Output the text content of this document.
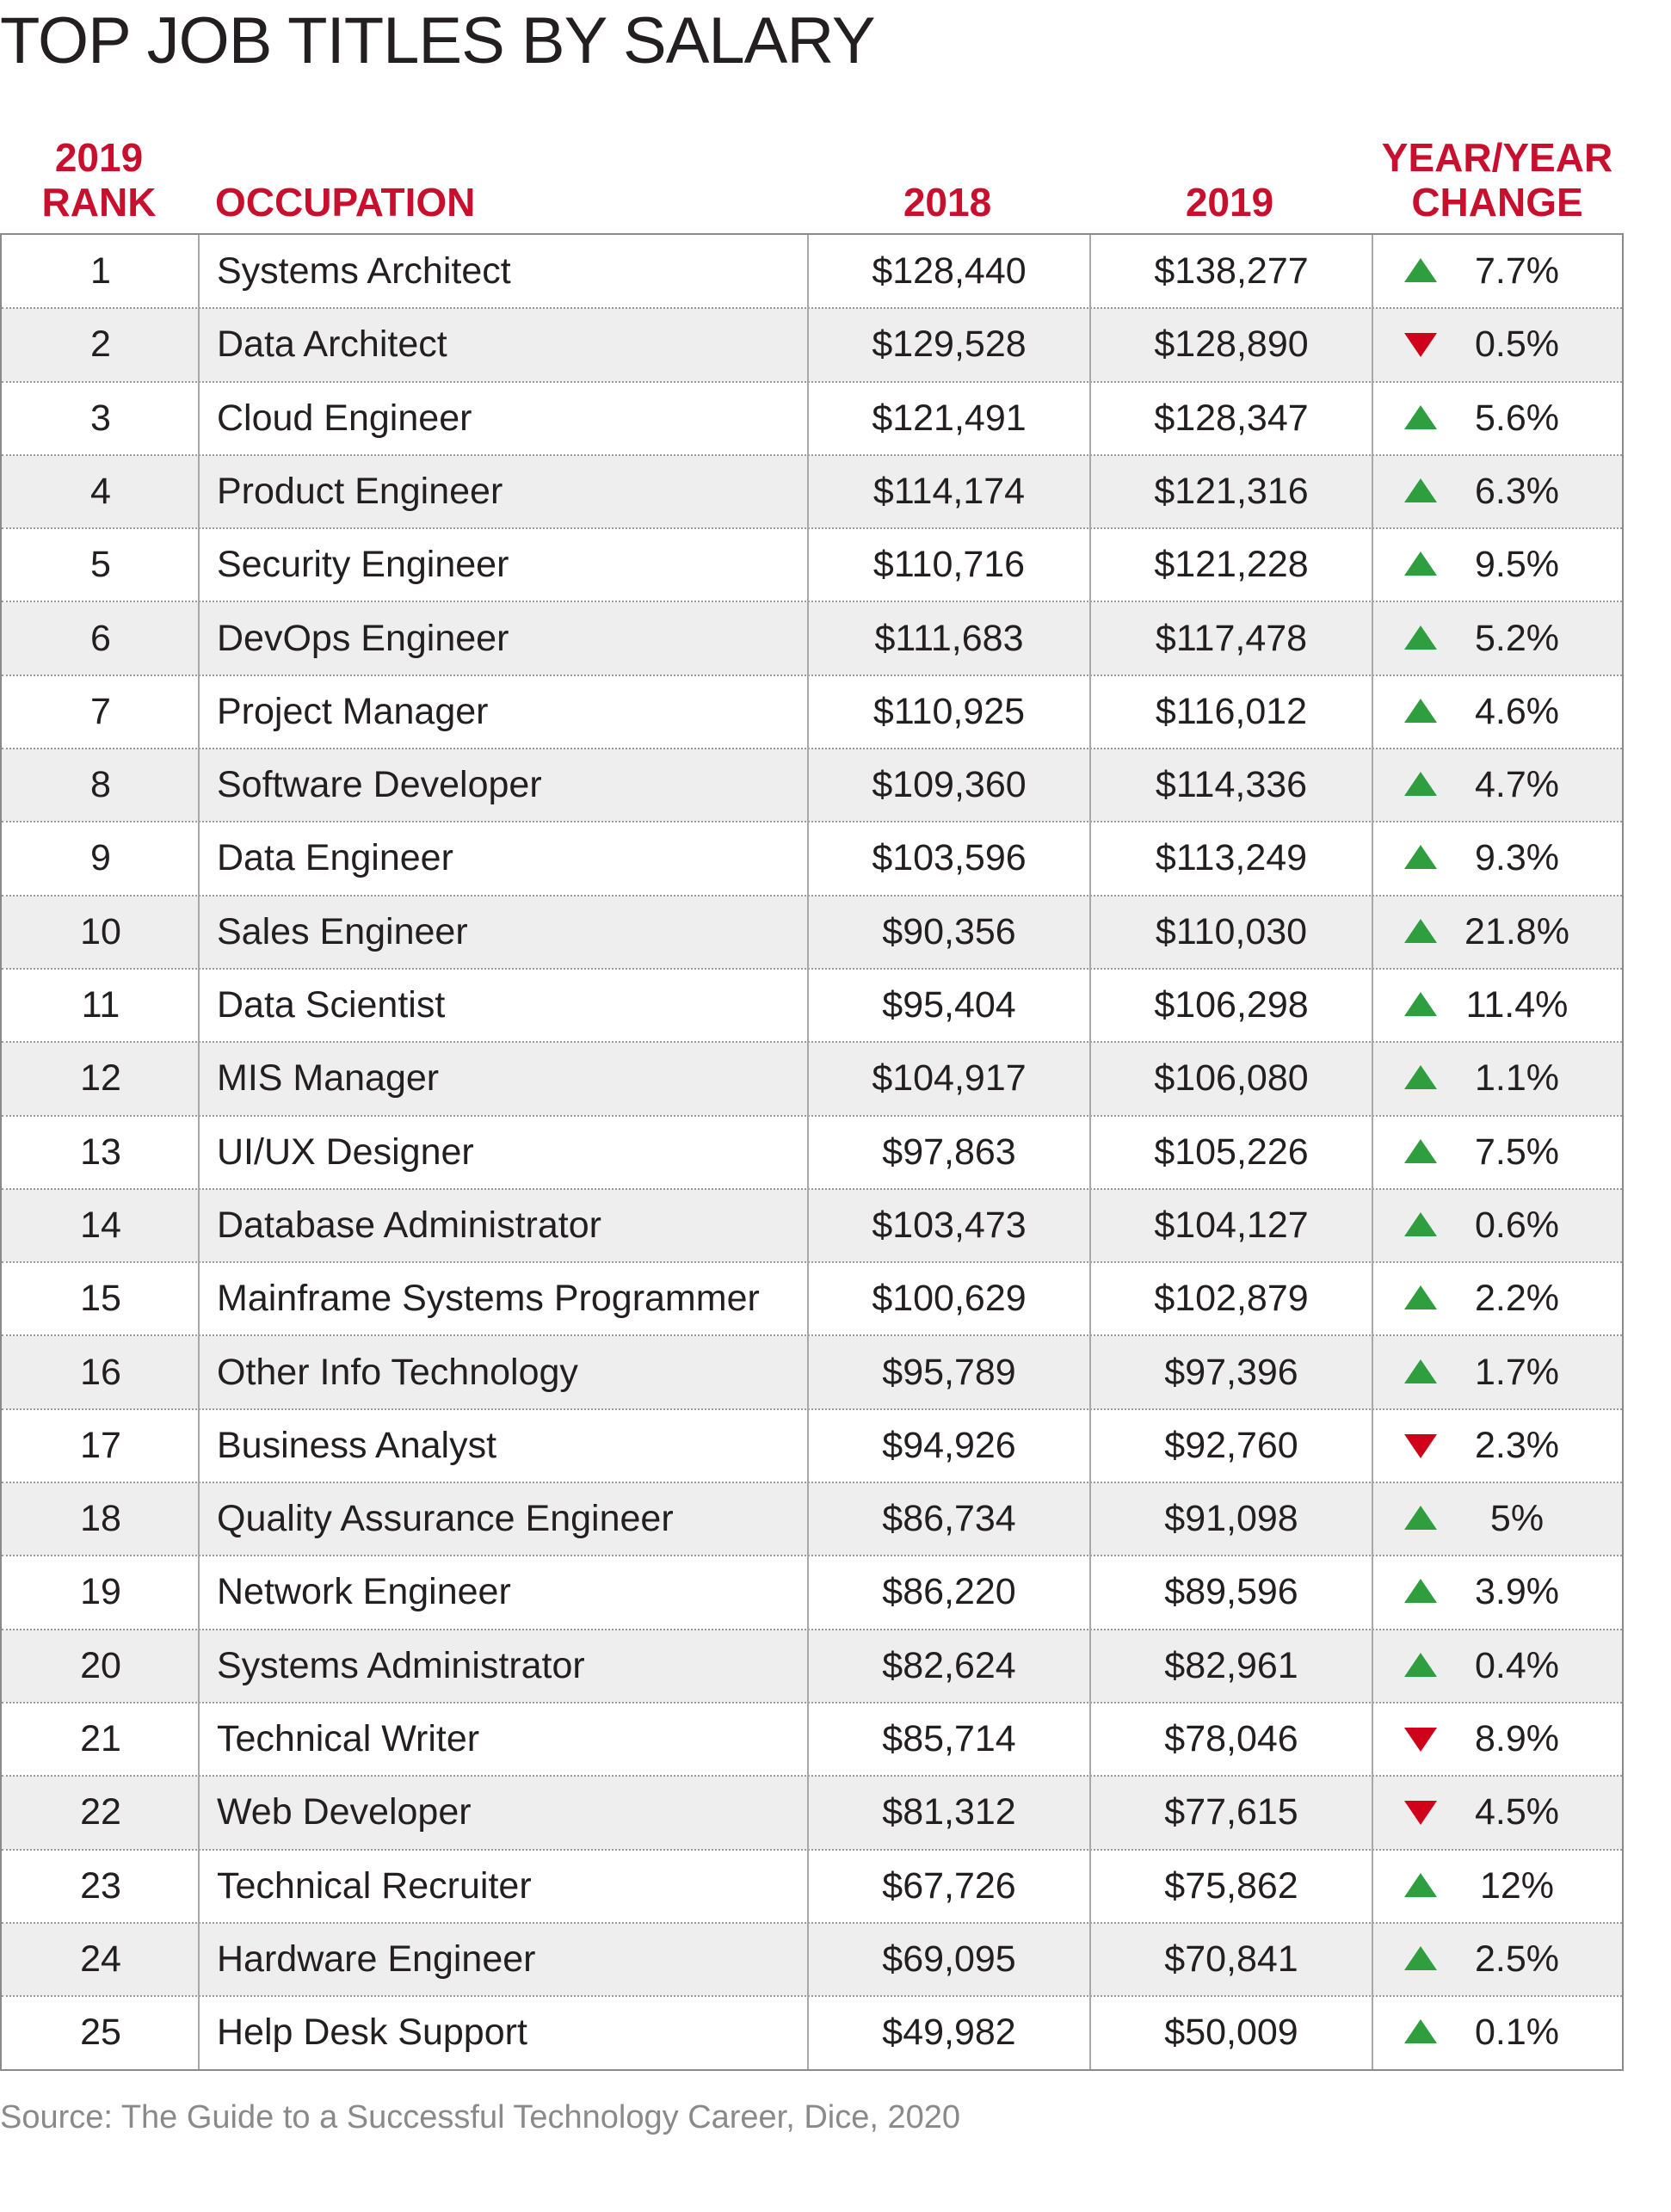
TOP JOB TITLES BY SALARY
2019
RANK	OCCUPATION	2018	2019
YEAR/YEAR
CHANGE
25	Help Desk Support	$49,982	$50,009	0.1%
24	Hardware Engineer	$69,095	$70,841	2.5%
23	Technical Recruiter	$67,726	$75,862	12%
22	Web Developer	$81,312	$77,615	4.5%
21	Technical Writer	$85,714	$78,046	8.9%
20	Systems Administrator	$82,624	$82,961	0.4%
19	Network Engineer	$86,220	$89,596	3.9%
18	Quality Assurance Engineer	$86,734	$91,098	5%
17	Business Analyst	$94,926	$92,760	2.3%
16	Other Info Technology	$95,789	$97,396	1.7%
15	Mainframe Systems Programmer	$100,629	$102,879	2.2%
14	Database Administrator	$103,473	$104,127	0.6%
13	UI/UX Designer	$97,863	$105,226	7.5%
12	MIS Manager	$104,917	$106,080	1.1%
11	Data Scientist	$95,404	$106,298	11.4%
10	Sales Engineer	$90,356	$110,030	21.8%
9	Data Engineer	$103,596	$113,249	9.3%
8	Software Developer	$109,360	$114,336	4.7%
7	Project Manager	$110,925	$116,012	4.6%
6	DevOps Engineer	$111,683	$117,478	5.2%
5	Security Engineer	$110,716	$121,228	9.5%
4	Product Engineer	$114,174	$121,316	6.3%
3	Cloud Engineer	$121,491	$128,347	5.6%
2	Data Architect	$129,528	$128,890	0.5%
1	Systems Architect	$128,440	$138,277	7.7%
Source: The Guide to a Successful Technology Career, Dice, 2020
